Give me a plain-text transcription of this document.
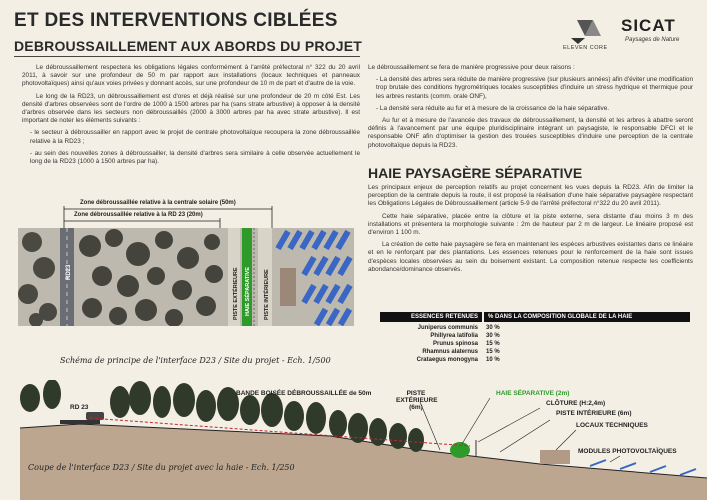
ET DES INTERVENTIONS CIBLÉES
DEBROUSSAILLEMENT AUX ABORDS DU PROJET	ELEVEN CORE
SICAT
Paysages de Nature

Le débroussaillement respectera les obligations légales conformément à l'arrêté préfectoral n° 322 du 20 avril 2011, à savoir sur une profondeur de 50 m par rapport aux installations (locaux techniques et panneaux photovoltaïques) ainsi qu'aux voies privées y donnant accès, sur une profondeur de 10 m de part et d'autre de la voie.

Le long de la RD23, un débroussaillement est d'ores et déjà réalisé sur une profondeur de 20 m côté Est. Les densité d'arbres observées sont de l'ordre de 1000 à 1500 arbres par ha (sans strate arbustive) à opposer à la densité d'arbres observée dans les secteurs non débroussaillés (2000 à 3000 arbres par ha avec strate arbustive). Il est important de noter les éléments suivants :

- le secteur à débroussailler en rapport avec le projet de centrale photovoltaïque recoupera la zone débroussaillée relative à la RD23 ;

- au sein des nouvelles zones à débroussailler, la densité d'arbres sera similaire à celle observée actuellement le long de la RD23 (1000 à 1500 arbres par ha).

Le débroussaillement se fera de manière progressive pour deux raisons :

- La densité des arbres sera réduite de manière progressive (sur plusieurs années) afin d'éviter une modification trop brutale des conditions hygrométriques locales susceptibles d'induire un stress hydrique et thermique pour les arbres restants (comm. orale ONF),

- La densité sera réduite au fur et à mesure de la croissance de la haie séparative.

Au fur et à mesure de l'avancée des travaux de débroussaillement, la densité et les arbres à abattre seront définis à l'avancement par une équipe pluridisciplinaire intégrant un paysagiste, le responsable DFCI et le responsable ONF afin d'optimiser la gestion des trouées susceptibles d'induire une perception de la centrale photovoltaïque depuis la RD23.

HAIE PAYSAGÈRE SÉPARATIVE

Les principaux enjeux de perception relatifs au projet concernent les vues depuis la RD23. Afin de limiter la perception de la centrale depuis la route, il est proposé la réalisation d'une haie séparative paysagère respectant les Obligations Légales de Débroussaillement (article 5-9 de l'arrêté préfectoral n°322 du 20 avril 2011).

Cette haie séparative, placée entre la clôture et la piste externe, sera distante d'au moins 3 m des installations et présentera la morphologie suivante : 2m de hauteur par 2 m de largeur. Le linéaire proposé est d'environ 1 100 m.

La création de cette haie paysagère se fera en maintenant les espèces arbustives existantes dans ce linéaire et en le renforçant par des plantations. Les essences retenues pour le renforcement de la haie sont issues d'espèces locales observées au sein du boisement existant. La composition retenue respecte les coefficients abondance/dominance observés.

Zone débroussaillée relative à la centrale solaire (50m)
Zone débroussaillée relative à la RD 23 (20m)
RD23	PISTE EXTÉRIEURE	HAIE SÉPARATIVE	PISTE INTÉRIEURE
Schéma de principe de l'interface D23 / Site du projet - Ech. 1/500
ESSENCES RETENUES	% DANS LA COMPOSITION GLOBALE DE LA HAIE
Juniperus communis 30 %
Phillyrea latifolia 30 %
Prunus spinosa 15 %
Rhamnus alaternus 15 %
Crataegus monogyna 10 %
BANDE BOISÉE DÉBROUSSAILLÉE de 50m
RD 23
PISTE EXTÉRIEURE (6m)
HAIE SÉPARATIVE (2m)
CLÔTURE (H:2,4m)
PISTE INTÉRIEURE (6m)
LOCAUX TECHNIQUES
MODULES PHOTOVOLTAÏQUES
Coupe de l'interface D23 / Site du projet avec la haie - Ech. 1/250
